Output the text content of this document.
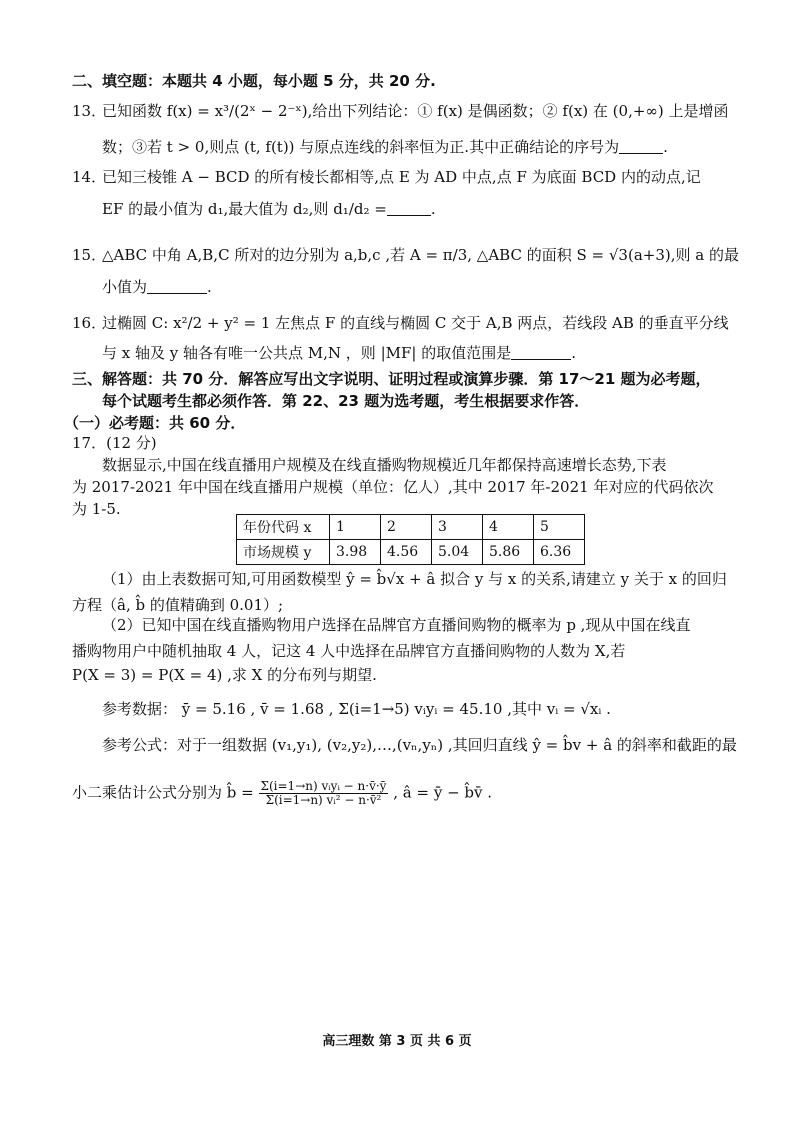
二、填空题：本题共 4 小题，每小题 5 分，共 20 分.
13．已知函数 f(x) = x³/(2ˣ − 2⁻ˣ),给出下列结论：① f(x) 是偶函数；② f(x) 在 (0,+∞) 上是增函
数；③若 t > 0,则点 (t, f(t)) 与原点连线的斜率恒为正.其中正确结论的序号为	.
14．已知三棱锥 A − BCD 的所有棱长都相等,点 E 为 AD 中点,点 F 为底面 BCD 内的动点,记
EF 的最小值为 d₁,最大值为 d₂,则 d₁/d₂ =	.
15．△ABC 中角 A,B,C 所对的边分别为 a,b,c ,若 A = π/3, △ABC 的面积 S = √3(a+3),则 a 的最
小值为	.
16．过椭圆 C: x²/2 + y² = 1 左焦点 F 的直线与椭圆 C 交于 A,B 两点，若线段 AB 的垂直平分线
与 x 轴及 y 轴各有唯一公共点 M,N ，则 |MF| 的取值范围是	.
三、解答题：共 70 分．解答应写出文字说明、证明过程或演算步骤．第 17～21 题为必考题，
每个试题考生都必须作答．第 22、23 题为选考题，考生根据要求作答．
（一）必考题：共 60 分．
17．(12 分)
数据显示,中国在线直播用户规模及在线直播购物规模近几年都保持高速增长态势,下表
为 2017-2021 年中国在线直播用户规模（单位：亿人）,其中 2017 年-2021 年对应的代码依次
为 1-5.
年份代码 x	1	2	3	4	5
市场规模 y	3.98	4.56	5.04	5.86	6.36
（1）由上表数据可知,可用函数模型 ŷ = b̂√x + â 拟合 y 与 x 的关系,请建立 y 关于 x 的回归
方程（â, b̂ 的值精确到 0.01）;
（2）已知中国在线直播购物用户选择在品牌官方直播间购物的概率为 p ,现从中国在线直
播购物用户中随机抽取 4 人，记这 4 人中选择在品牌官方直播间购物的人数为 X,若
P(X = 3) = P(X = 4) ,求 X 的分布列与期望.
参考数据： ȳ = 5.16 , v̄ = 1.68 , Σ(i=1→5) vᵢyᵢ = 45.10 ,其中 vᵢ = √xᵢ .
参考公式：对于一组数据 (v₁,y₁), (v₂,y₂),…,(vₙ,yₙ) ,其回归直线 ŷ = b̂v + â 的斜率和截距的最
小二乘估计公式分别为 b̂ = $\frac{\text{Σ(i=1→n) vᵢyᵢ − n·v̄·ȳ}}{\text{Σ(i=1→n) vᵢ² − n·v̄²}}$ , â = ȳ − b̂v̄ .
高三理数 第 3 页 共 6 页
